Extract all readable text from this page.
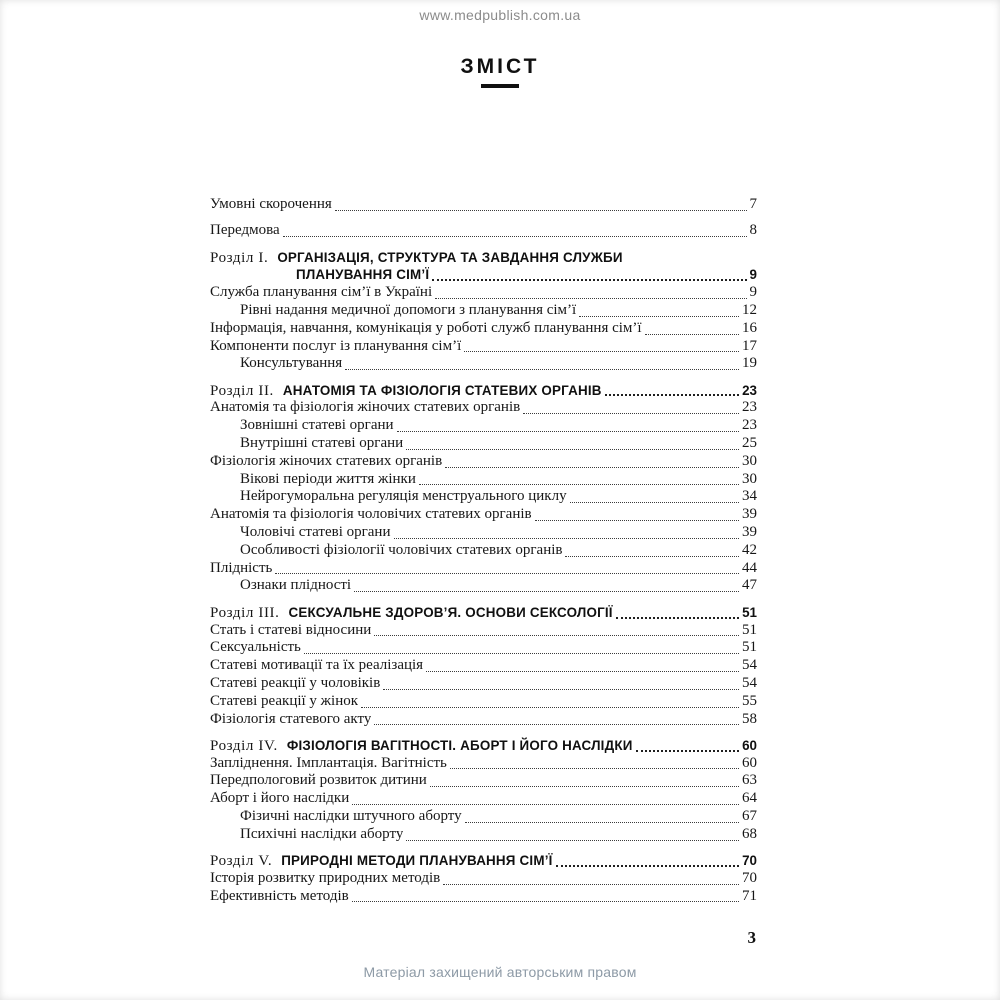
www.medpublish.com.ua
ЗМІСТ
Умовні скорочення	7
Передмова	8
Розділ I. ОРГАНІЗАЦІЯ, СТРУКТУРА ТА ЗАВДАННЯ СЛУЖБИ
ПЛАНУВАННЯ СІМ’Ї	9
Служба планування сім’ї в Україні	9
Рівні надання медичної допомоги з планування сім’ї	12
Інформація, навчання, комунікація у роботі служб планування сім’ї	16
Компоненти послуг із планування сім’ї	17
Консультування	19
Розділ II. АНАТОМІЯ ТА ФІЗІОЛОГІЯ СТАТЕВИХ ОРГАНІВ	23
Анатомія та фізіологія жіночих статевих органів	23
Зовнішні статеві органи	23
Внутрішні статеві органи	25
Фізіологія жіночих статевих органів	30
Вікові періоди життя жінки	30
Нейрогуморальна регуляція менструального циклу	34
Анатомія та фізіологія чоловічих статевих органів	39
Чоловічі статеві органи	39
Особливості фізіології чоловічих статевих органів	42
Плідність	44
Ознаки плідності	47
Розділ III. СЕКСУАЛЬНЕ ЗДОРОВ’Я. ОСНОВИ СЕКСОЛОГІЇ	51
Стать і статеві відносини	51
Сексуальність	51
Статеві мотивації та їх реалізація	54
Статеві реакції у чоловіків	54
Статеві реакції у жінок	55
Фізіологія статевого акту	58
Розділ IV. ФІЗІОЛОГІЯ ВАГІТНОСТІ. АБОРТ І ЙОГО НАСЛІДКИ	60
Запліднення. Імплантація. Вагітність	60
Передпологовий розвиток дитини	63
Аборт і його наслідки	64
Фізичні наслідки штучного аборту	67
Психічні наслідки аборту	68
Розділ V. ПРИРОДНІ МЕТОДИ ПЛАНУВАННЯ СІМ’Ї	70
Історія розвитку природних методів	70
Ефективність методів	71
3
Матеріал захищений авторським правом
